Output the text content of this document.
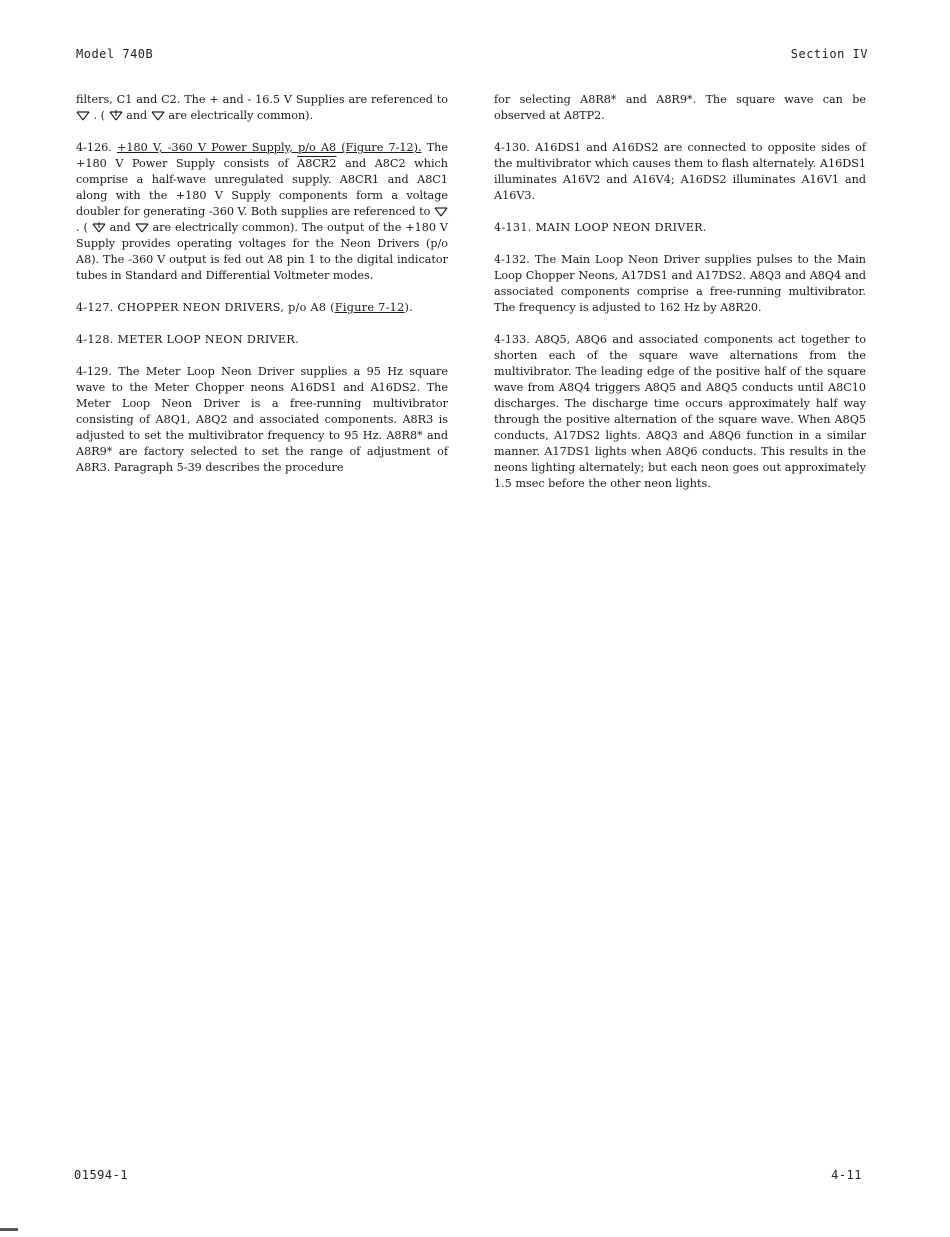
Model 740B	Section IV

filters, C1 and C2. The + and - 16.5 V Supplies are referenced to
. ( and are electrically common).

4-126. +180 V, -360 V Power Supply, p/o A8 (Figure 7-12). The +180 V Power Supply consists of A8CR2 and A8C2 which comprise a half-wave unregulated supply. A8CR1 and A8C1 along with the +180 V Supply components form a voltage doubler for generating -360 V. Both supplies are referenced to
. ( and are electrically common). The output of the +180 V Supply provides operating voltages for the Neon Drivers (p/o A8). The -360 V output is fed out A8 pin 1 to the digital indicator tubes in Standard and Differential Voltmeter modes.

4-127. CHOPPER NEON DRIVERS, p/o A8 (Figure 7-12).

4-128. METER LOOP NEON DRIVER.

4-129. The Meter Loop Neon Driver supplies a 95 Hz square wave to the Meter Chopper neons A16DS1 and A16DS2. The Meter Loop Neon Driver is a free-running multivibrator consisting of A8Q1, A8Q2 and associated components. A8R3 is adjusted to set the multivibrator frequency to 95 Hz. A8R8* and A8R9* are factory selected to set the range of adjustment of A8R3. Paragraph 5-39 describes the procedure

for selecting A8R8* and A8R9*. The square wave can be observed at A8TP2.

4-130. A16DS1 and A16DS2 are connected to opposite sides of the multivibrator which causes them to flash alternately. A16DS1 illuminates A16V2 and A16V4; A16DS2 illuminates A16V1 and A16V3.

4-131. MAIN LOOP NEON DRIVER.

4-132. The Main Loop Neon Driver supplies pulses to the Main Loop Chopper Neons, A17DS1 and A17DS2. A8Q3 and A8Q4 and associated components comprise a free-running multivibrator. The frequency is adjusted to 162 Hz by A8R20.

4-133. A8Q5, A8Q6 and associated components act together to shorten each of the square wave alternations from the multivibrator. The leading edge of the positive half of the square wave from A8Q4 triggers A8Q5 and A8Q5 conducts until A8C10 discharges. The discharge time occurs approximately half way through the positive alternation of the square wave. When A8Q5 conducts, A17DS2 lights. A8Q3 and A8Q6 function in a similar manner. A17DS1 lights when A8Q6 conducts. This results in the neons lighting alternately; but each neon goes out approximately 1.5 msec before the other neon lights.

01594-1	4-11
